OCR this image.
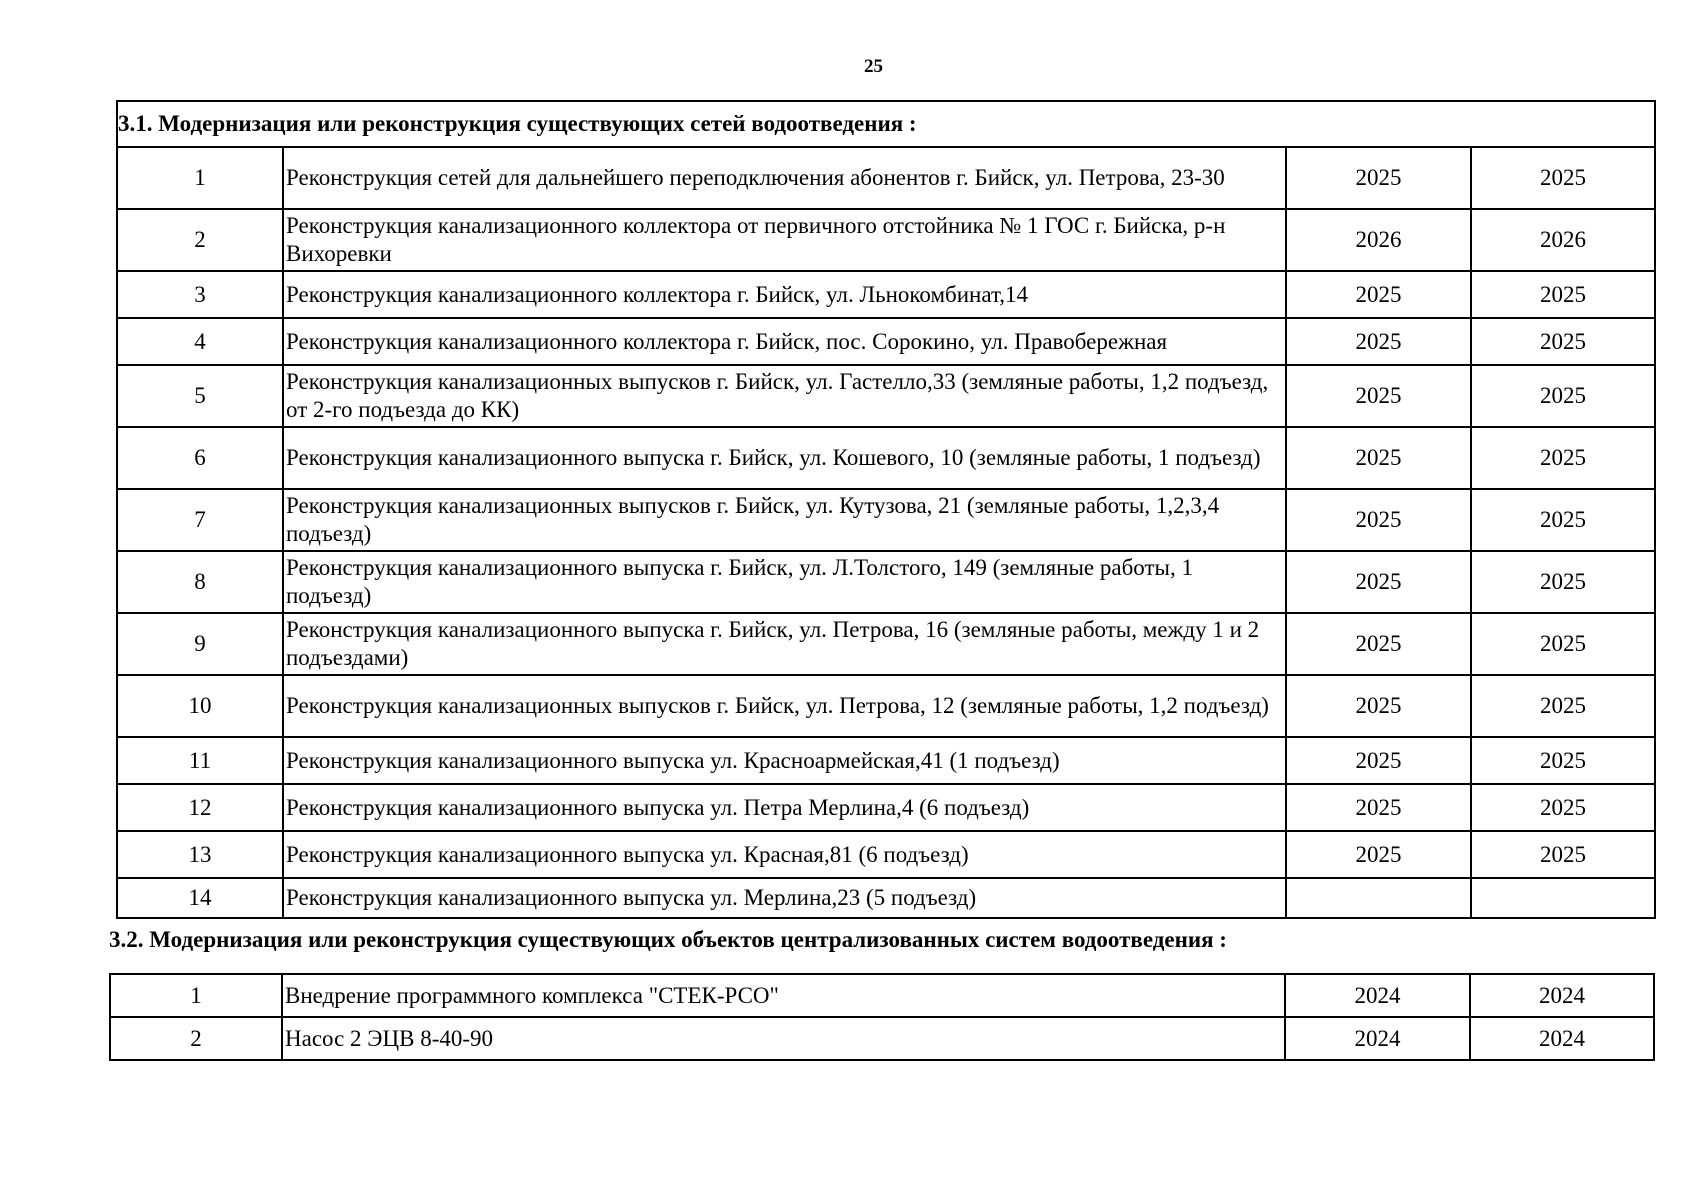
25
3.1. Модернизация или реконструкция существующих сетей водоотведения :			
1	Реконструкция сетей для дальнейшего переподключения абонентов г. Бийск, ул. Петрова, 23-30	2025	2025
2	Реконструкция канализационного коллектора от первичного отстойника № 1 ГОС г. Бийска, р-н Вихоревки	2026	2026
3	Реконструкция канализационного коллектора г. Бийск, ул. Льнокомбинат,14	2025	2025
4	Реконструкция канализационного коллектора г. Бийск, пос. Сорокино, ул. Правобережная	2025	2025
5	Реконструкция канализационных выпусков г. Бийск, ул. Гастелло,33 (земляные работы, 1,2 подъезд, от 2-го подъезда до КК)	2025	2025
6	Реконструкция канализационного выпуска г. Бийск, ул. Кошевого, 10 (земляные работы, 1 подъезд)	2025	2025
7	Реконструкция канализационных выпусков г. Бийск, ул. Кутузова, 21 (земляные работы, 1,2,3,4 подъезд)	2025	2025
8	Реконструкция канализационного выпуска г. Бийск, ул. Л.Толстого, 149 (земляные работы, 1 подъезд)	2025	2025
9	Реконструкция канализационного выпуска г. Бийск, ул. Петрова, 16 (земляные работы, между 1 и 2 подъездами)	2025	2025
10	Реконструкция канализационных выпусков г. Бийск, ул. Петрова, 12 (земляные работы, 1,2 подъезд)	2025	2025
11	Реконструкция канализационного выпуска ул. Красноармейская,41 (1 подъезд)	2025	2025
12	Реконструкция канализационного выпуска ул. Петра Мерлина,4 (6 подъезд)	2025	2025
13	Реконструкция канализационного выпуска ул. Красная,81 (6 подъезд)	2025	2025
14	Реконструкция канализационного выпуска ул. Мерлина,23 (5 подъезд)		
3.2. Модернизация или реконструкция существующих объектов централизованных систем водоотведения :
1	Внедрение программного комплекса "СТЕК-РСО"	2024	2024
2	Насос 2 ЭЦВ 8-40-90	2024	2024
